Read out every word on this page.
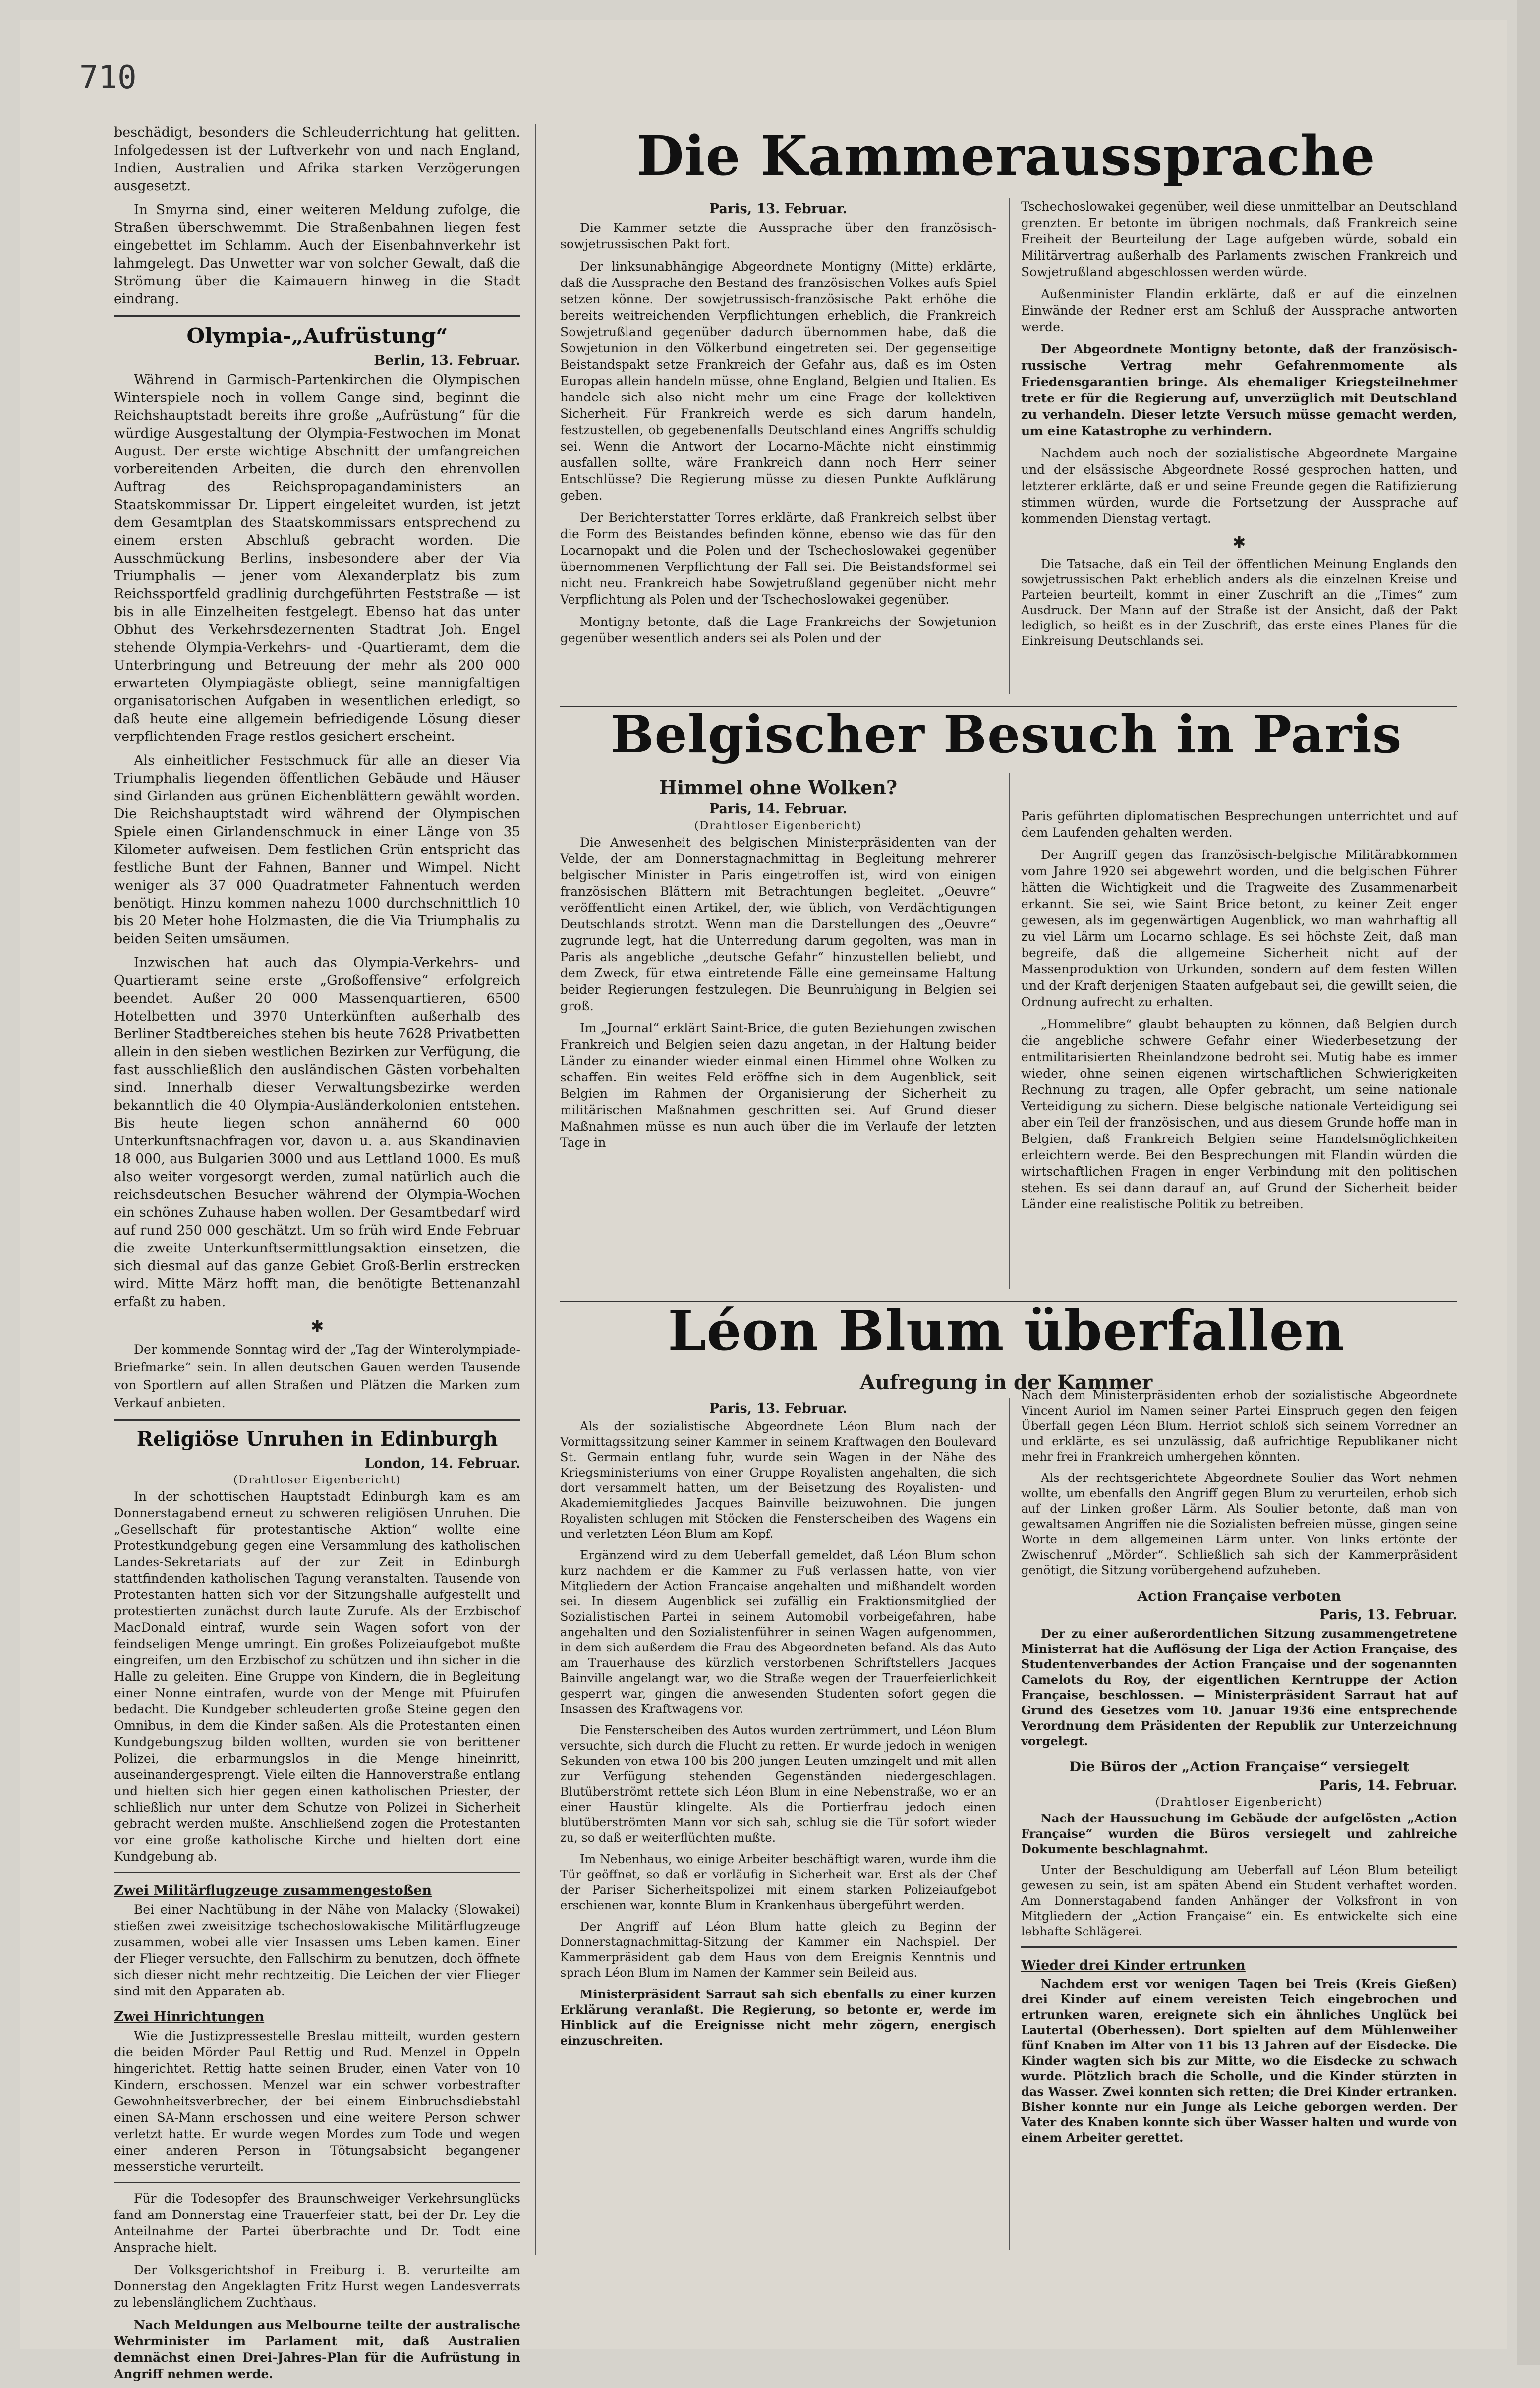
710

beschädigt, besonders die Schleuderrichtung hat gelitten. Infolgedessen ist der Luftverkehr von und nach England, Indien, Australien und Afrika starken Verzögerungen ausgesetzt.

In Smyrna sind, einer weiteren Meldung zufolge, die Straßen überschwemmt. Die Straßenbahnen liegen fest eingebettet im Schlamm. Auch der Eisenbahnverkehr ist lahmgelegt. Das Unwetter war von solcher Gewalt, daß die Strömung über die Kaimauern hinweg in die Stadt eindrang.

Olympia-„Aufrüstung“
Berlin, 13. Februar.

Während in Garmisch-Partenkirchen die Olympischen Winterspiele noch in vollem Gange sind, beginnt die Reichshauptstadt bereits ihre große „Aufrüstung“ für die würdige Ausgestaltung der Olympia-Festwochen im Monat August. Der erste wichtige Abschnitt der umfangreichen vorbereitenden Arbeiten, die durch den ehrenvollen Auftrag des Reichspropagandaministers an Staatskommissar Dr. Lippert eingeleitet wurden, ist jetzt dem Gesamtplan des Staatskommissars entsprechend zu einem ersten Abschluß gebracht worden. Die Ausschmückung Berlins, insbesondere aber der Via Triumphalis — jener vom Alexanderplatz bis zum Reichssportfeld gradlinig durchgeführten Feststraße — ist bis in alle Einzelheiten festgelegt. Ebenso hat das unter Obhut des Verkehrsdezernenten Stadtrat Joh. Engel stehende Olympia-Verkehrs- und -Quartieramt, dem die Unterbringung und Betreuung der mehr als 200 000 erwarteten Olympiagäste obliegt, seine mannigfaltigen organisatorischen Aufgaben in wesentlichen erledigt, so daß heute eine allgemein befriedigende Lösung dieser verpflichtenden Frage restlos gesichert erscheint.

Als einheitlicher Festschmuck für alle an dieser Via Triumphalis liegenden öffentlichen Gebäude und Häuser sind Girlanden aus grünen Eichenblättern gewählt worden. Die Reichshauptstadt wird während der Olympischen Spiele einen Girlandenschmuck in einer Länge von 35 Kilometer aufweisen. Dem festlichen Grün entspricht das festliche Bunt der Fahnen, Banner und Wimpel. Nicht weniger als 37 000 Quadratmeter Fahnentuch werden benötigt. Hinzu kommen nahezu 1000 durchschnittlich 10 bis 20 Meter hohe Holzmasten, die die Via Triumphalis zu beiden Seiten umsäumen.

Inzwischen hat auch das Olympia-Verkehrs- und Quartieramt seine erste „Großoffensive“ erfolgreich beendet. Außer 20 000 Massenquartieren, 6500 Hotelbetten und 3970 Unterkünften außerhalb des Berliner Stadtbereiches stehen bis heute 7628 Privatbetten allein in den sieben westlichen Bezirken zur Verfügung, die fast ausschließlich den ausländischen Gästen vorbehalten sind. Innerhalb dieser Verwaltungsbezirke werden bekanntlich die 40 Olympia-Ausländerkolonien entstehen. Bis heute liegen schon annähernd 60 000 Unterkunftsnachfragen vor, davon u. a. aus Skandinavien 18 000, aus Bulgarien 3000 und aus Lettland 1000. Es muß also weiter vorgesorgt werden, zumal natürlich auch die reichsdeutschen Besucher während der Olympia-Wochen ein schönes Zuhause haben wollen. Der Gesamtbedarf wird auf rund 250 000 geschätzt. Um so früh wird Ende Februar die zweite Unterkunftsermittlungsaktion einsetzen, die sich diesmal auf das ganze Gebiet Groß-Berlin erstrecken wird. Mitte März hofft man, die benötigte Bettenanzahl erfaßt zu haben.

✱

Der kommende Sonntag wird der „Tag der Winterolympiade-Briefmarke“ sein. In allen deutschen Gauen werden Tausende von Sportlern auf allen Straßen und Plätzen die Marken zum Verkauf anbieten.

Religiöse Unruhen in Edinburgh
London, 14. Februar.
(Drahtloser Eigenbericht)

In der schottischen Hauptstadt Edinburgh kam es am Donnerstagabend erneut zu schweren religiösen Unruhen. Die „Gesellschaft für protestantische Aktion“ wollte eine Protestkundgebung gegen eine Versammlung des katholischen Landes-Sekretariats auf der zur Zeit in Edinburgh stattfindenden katholischen Tagung veranstalten. Tausende von Protestanten hatten sich vor der Sitzungshalle aufgestellt und protestierten zunächst durch laute Zurufe. Als der Erzbischof MacDonald eintraf, wurde sein Wagen sofort von der feindseligen Menge umringt. Ein großes Polizeiaufgebot mußte eingreifen, um den Erzbischof zu schützen und ihn sicher in die Halle zu geleiten. Eine Gruppe von Kindern, die in Begleitung einer Nonne eintrafen, wurde von der Menge mit Pfuirufen bedacht. Die Kundgeber schleuderten große Steine gegen den Omnibus, in dem die Kinder saßen. Als die Protestanten einen Kundgebungszug bilden wollten, wurden sie von berittener Polizei, die erbarmungslos in die Menge hineinritt, auseinandergesprengt. Viele eilten die Hannoverstraße entlang und hielten sich hier gegen einen katholischen Priester, der schließlich nur unter dem Schutze von Polizei in Sicherheit gebracht werden mußte. Anschließend zogen die Protestanten vor eine große katholische Kirche und hielten dort eine Kundgebung ab.

Zwei Militärflugzeuge zusammengestoßen

Bei einer Nachtübung in der Nähe von Malacky (Slowakei) stießen zwei zweisitzige tschechoslowakische Militärflugzeuge zusammen, wobei alle vier Insassen ums Leben kamen. Einer der Flieger versuchte, den Fallschirm zu benutzen, doch öffnete sich dieser nicht mehr rechtzeitig. Die Leichen der vier Flieger sind mit den Apparaten ab.

Zwei Hinrichtungen

Wie die Justizpressestelle Breslau mitteilt, wurden gestern die beiden Mörder Paul Rettig und Rud. Menzel in Oppeln hingerichtet. Rettig hatte seinen Bruder, einen Vater von 10 Kindern, erschossen. Menzel war ein schwer vorbestrafter Gewohnheitsverbrecher, der bei einem Einbruchsdiebstahl einen SA-Mann erschossen und eine weitere Person schwer verletzt hatte. Er wurde wegen Mordes zum Tode und wegen einer anderen Person in Tötungsabsicht begangener messerstiche verurteilt.

Für die Todesopfer des Braunschweiger Verkehrsunglücks fand am Donnerstag eine Trauerfeier statt, bei der Dr. Ley die Anteilnahme der Partei überbrachte und Dr. Todt eine Ansprache hielt.

Der Volksgerichtshof in Freiburg i. B. verurteilte am Donnerstag den Angeklagten Fritz Hurst wegen Landesverrats zu lebenslänglichem Zuchthaus.

Nach Meldungen aus Melbourne teilte der australische Wehrminister im Parlament mit, daß Australien demnächst einen Drei-Jahres-Plan für die Aufrüstung in Angriff nehmen werde.

Die Kammeraussprache
Paris, 13. Februar.

Die Kammer setzte die Aussprache über den französisch-sowjetrussischen Pakt fort.

Der linksunabhängige Abgeordnete Montigny (Mitte) erklärte, daß die Aussprache den Bestand des französischen Volkes aufs Spiel setzen könne. Der sowjetrussisch-französische Pakt erhöhe die bereits weitreichenden Verpflichtungen erheblich, die Frankreich Sowjetrußland gegenüber dadurch übernommen habe, daß die Sowjetunion in den Völkerbund eingetreten sei. Der gegenseitige Beistandspakt setze Frankreich der Gefahr aus, daß es im Osten Europas allein handeln müsse, ohne England, Belgien und Italien. Es handele sich also nicht mehr um eine Frage der kollektiven Sicherheit. Für Frankreich werde es sich darum handeln, festzustellen, ob gegebenenfalls Deutschland eines Angriffs schuldig sei. Wenn die Antwort der Locarno-Mächte nicht einstimmig ausfallen sollte, wäre Frankreich dann noch Herr seiner Entschlüsse? Die Regierung müsse zu diesen Punkte Aufklärung geben.

Der Berichterstatter Torres erklärte, daß Frankreich selbst über die Form des Beistandes befinden könne, ebenso wie das für den Locarnopakt und die Polen und der Tschechoslowakei gegenüber übernommenen Verpflichtung der Fall sei. Die Beistandsformel sei nicht neu. Frankreich habe Sowjetrußland gegenüber nicht mehr Verpflichtung als Polen und der Tschechoslowakei gegenüber.

Montigny betonte, daß die Lage Frankreichs der Sowjetunion gegenüber wesentlich anders sei als Polen und der

Tschechoslowakei gegenüber, weil diese unmittelbar an Deutschland grenzten. Er betonte im übrigen nochmals, daß Frankreich seine Freiheit der Beurteilung der Lage aufgeben würde, sobald ein Militärvertrag außerhalb des Parlaments zwischen Frankreich und Sowjetrußland abgeschlossen werden würde.

Außenminister Flandin erklärte, daß er auf die einzelnen Einwände der Redner erst am Schluß der Aussprache antworten werde.

Der Abgeordnete Montigny betonte, daß der französisch-russische Vertrag mehr Gefahrenmomente als Friedensgarantien bringe. Als ehemaliger Kriegsteilnehmer trete er für die Regierung auf, unverzüglich mit Deutschland zu verhandeln. Dieser letzte Versuch müsse gemacht werden, um eine Katastrophe zu verhindern.

Nachdem auch noch der sozialistische Abgeordnete Margaine und der elsässische Abgeordnete Rossé gesprochen hatten, und letzterer erklärte, daß er und seine Freunde gegen die Ratifizierung stimmen würden, wurde die Fortsetzung der Aussprache auf kommenden Dienstag vertagt.

✱

Die Tatsache, daß ein Teil der öffentlichen Meinung Englands den sowjetrussischen Pakt erheblich anders als die einzelnen Kreise und Parteien beurteilt, kommt in einer Zuschrift an die „Times“ zum Ausdruck. Der Mann auf der Straße ist der Ansicht, daß der Pakt lediglich, so heißt es in der Zuschrift, das erste eines Planes für die Einkreisung Deutschlands sei.

Belgischer Besuch in Paris
Himmel ohne Wolken?
Paris, 14. Februar.
(Drahtloser Eigenbericht)

Die Anwesenheit des belgischen Ministerpräsidenten van der Velde, der am Donnerstagnachmittag in Begleitung mehrerer belgischer Minister in Paris eingetroffen ist, wird von einigen französischen Blättern mit Betrachtungen begleitet. „Oeuvre“ veröffentlicht einen Artikel, der, wie üblich, von Verdächtigungen Deutschlands strotzt. Wenn man die Darstellungen des „Oeuvre“ zugrunde legt, hat die Unterredung darum gegolten, was man in Paris als angebliche „deutsche Gefahr“ hinzustellen beliebt, und dem Zweck, für etwa eintretende Fälle eine gemeinsame Haltung beider Regierungen festzulegen. Die Beunruhigung in Belgien sei groß.

Im „Journal“ erklärt Saint-Brice, die guten Beziehungen zwischen Frankreich und Belgien seien dazu angetan, in der Haltung beider Länder zu einander wieder einmal einen Himmel ohne Wolken zu schaffen. Ein weites Feld eröffne sich in dem Augenblick, seit Belgien im Rahmen der Organisierung der Sicherheit zu militärischen Maßnahmen geschritten sei. Auf Grund dieser Maßnahmen müsse es nun auch über die im Verlaufe der letzten Tage in

Paris geführten diplomatischen Besprechungen unterrichtet und auf dem Laufenden gehalten werden.

Der Angriff gegen das französisch-belgische Militärabkommen vom Jahre 1920 sei abgewehrt worden, und die belgischen Führer hätten die Wichtigkeit und die Tragweite des Zusammenarbeit erkannt. Sie sei, wie Saint Brice betont, zu keiner Zeit enger gewesen, als im gegenwärtigen Augenblick, wo man wahrhaftig all zu viel Lärm um Locarno schlage. Es sei höchste Zeit, daß man begreife, daß die allgemeine Sicherheit nicht auf der Massenproduktion von Urkunden, sondern auf dem festen Willen und der Kraft derjenigen Staaten aufgebaut sei, die gewillt seien, die Ordnung aufrecht zu erhalten.

„Hommelibre“ glaubt behaupten zu können, daß Belgien durch die angebliche schwere Gefahr einer Wiederbesetzung der entmilitarisierten Rheinlandzone bedroht sei. Mutig habe es immer wieder, ohne seinen eigenen wirtschaftlichen Schwierigkeiten Rechnung zu tragen, alle Opfer gebracht, um seine nationale Verteidigung zu sichern. Diese belgische nationale Verteidigung sei aber ein Teil der französischen, und aus diesem Grunde hoffe man in Belgien, daß Frankreich Belgien seine Handelsmöglichkeiten erleichtern werde. Bei den Besprechungen mit Flandin würden die wirtschaftlichen Fragen in enger Verbindung mit den politischen stehen. Es sei dann darauf an, auf Grund der Sicherheit beider Länder eine realistische Politik zu betreiben.

Léon Blum überfallen
Aufregung in der Kammer
Paris, 13. Februar.

Als der sozialistische Abgeordnete Léon Blum nach der Vormittagssitzung seiner Kammer in seinem Kraftwagen den Boulevard St. Germain entlang fuhr, wurde sein Wagen in der Nähe des Kriegsministeriums von einer Gruppe Royalisten angehalten, die sich dort versammelt hatten, um der Beisetzung des Royalisten- und Akademiemitgliedes Jacques Bainville beizuwohnen. Die jungen Royalisten schlugen mit Stöcken die Fensterscheiben des Wagens ein und verletzten Léon Blum am Kopf.

Ergänzend wird zu dem Ueberfall gemeldet, daß Léon Blum schon kurz nachdem er die Kammer zu Fuß verlassen hatte, von vier Mitgliedern der Action Française angehalten und mißhandelt worden sei. In diesem Augenblick sei zufällig ein Fraktionsmitglied der Sozialistischen Partei in seinem Automobil vorbeigefahren, habe angehalten und den Sozialistenführer in seinen Wagen aufgenommen, in dem sich außerdem die Frau des Abgeordneten befand. Als das Auto am Trauerhause des kürzlich verstorbenen Schriftstellers Jacques Bainville angelangt war, wo die Straße wegen der Trauerfeierlichkeit gesperrt war, gingen die anwesenden Studenten sofort gegen die Insassen des Kraftwagens vor.

Die Fensterscheiben des Autos wurden zertrümmert, und Léon Blum versuchte, sich durch die Flucht zu retten. Er wurde jedoch in wenigen Sekunden von etwa 100 bis 200 jungen Leuten umzingelt und mit allen zur Verfügung stehenden Gegenständen niedergeschlagen. Blutüberströmt rettete sich Léon Blum in eine Nebenstraße, wo er an einer Haustür klingelte. Als die Portierfrau jedoch einen blutüberströmten Mann vor sich sah, schlug sie die Tür sofort wieder zu, so daß er weiterflüchten mußte.

Im Nebenhaus, wo einige Arbeiter beschäftigt waren, wurde ihm die Tür geöffnet, so daß er vorläufig in Sicherheit war. Erst als der Chef der Pariser Sicherheitspolizei mit einem starken Polizeiaufgebot erschienen war, konnte Blum in Krankenhaus übergeführt werden.

Der Angriff auf Léon Blum hatte gleich zu Beginn der Donnerstagnachmittag-Sitzung der Kammer ein Nachspiel. Der Kammerpräsident gab dem Haus von dem Ereignis Kenntnis und sprach Léon Blum im Namen der Kammer sein Beileid aus.

Ministerpräsident Sarraut sah sich ebenfalls zu einer kurzen Erklärung veranlaßt. Die Regierung, so betonte er, werde im Hinblick auf die Ereignisse nicht mehr zögern, energisch einzuschreiten.

Nach dem Ministerpräsidenten erhob der sozialistische Abgeordnete Vincent Auriol im Namen seiner Partei Einspruch gegen den feigen Überfall gegen Léon Blum. Herriot schloß sich seinem Vorredner an und erklärte, es sei unzulässig, daß aufrichtige Republikaner nicht mehr frei in Frankreich umhergehen könnten.

Als der rechtsgerichtete Abgeordnete Soulier das Wort nehmen wollte, um ebenfalls den Angriff gegen Blum zu verurteilen, erhob sich auf der Linken großer Lärm. Als Soulier betonte, daß man von gewaltsamen Angriffen nie die Sozialisten befreien müsse, gingen seine Worte in dem allgemeinen Lärm unter. Von links ertönte der Zwischenruf „Mörder“. Schließlich sah sich der Kammerpräsident genötigt, die Sitzung vorübergehend aufzuheben.

Action Française verboten
Paris, 13. Februar.

Der zu einer außerordentlichen Sitzung zusammengetretene Ministerrat hat die Auflösung der Liga der Action Française, des Studentenverbandes der Action Française und der sogenannten Camelots du Roy, der eigentlichen Kerntruppe der Action Française, beschlossen. — Ministerpräsident Sarraut hat auf Grund des Gesetzes vom 10. Januar 1936 eine entsprechende Verordnung dem Präsidenten der Republik zur Unterzeichnung vorgelegt.

Die Büros der „Action Française“ versiegelt
Paris, 14. Februar.
(Drahtloser Eigenbericht)

Nach der Haussuchung im Gebäude der aufgelösten „Action Française“ wurden die Büros versiegelt und zahlreiche Dokumente beschlagnahmt.

Unter der Beschuldigung am Ueberfall auf Léon Blum beteiligt gewesen zu sein, ist am späten Abend ein Student verhaftet worden. Am Donnerstagabend fanden Anhänger der Volksfront in von Mitgliedern der „Action Française“ ein. Es entwickelte sich eine lebhafte Schlägerei.

Wieder drei Kinder ertrunken

Nachdem erst vor wenigen Tagen bei Treis (Kreis Gießen) drei Kinder auf einem vereisten Teich eingebrochen und ertrunken waren, ereignete sich ein ähnliches Unglück bei Lautertal (Oberhessen). Dort spielten auf dem Mühlenweiher fünf Knaben im Alter von 11 bis 13 Jahren auf der Eisdecke. Die Kinder wagten sich bis zur Mitte, wo die Eisdecke zu schwach wurde. Plötzlich brach die Scholle, und die Kinder stürzten in das Wasser. Zwei konnten sich retten; die Drei Kinder ertranken. Bisher konnte nur ein Junge als Leiche geborgen werden. Der Vater des Knaben konnte sich über Wasser halten und wurde von einem Arbeiter gerettet.
